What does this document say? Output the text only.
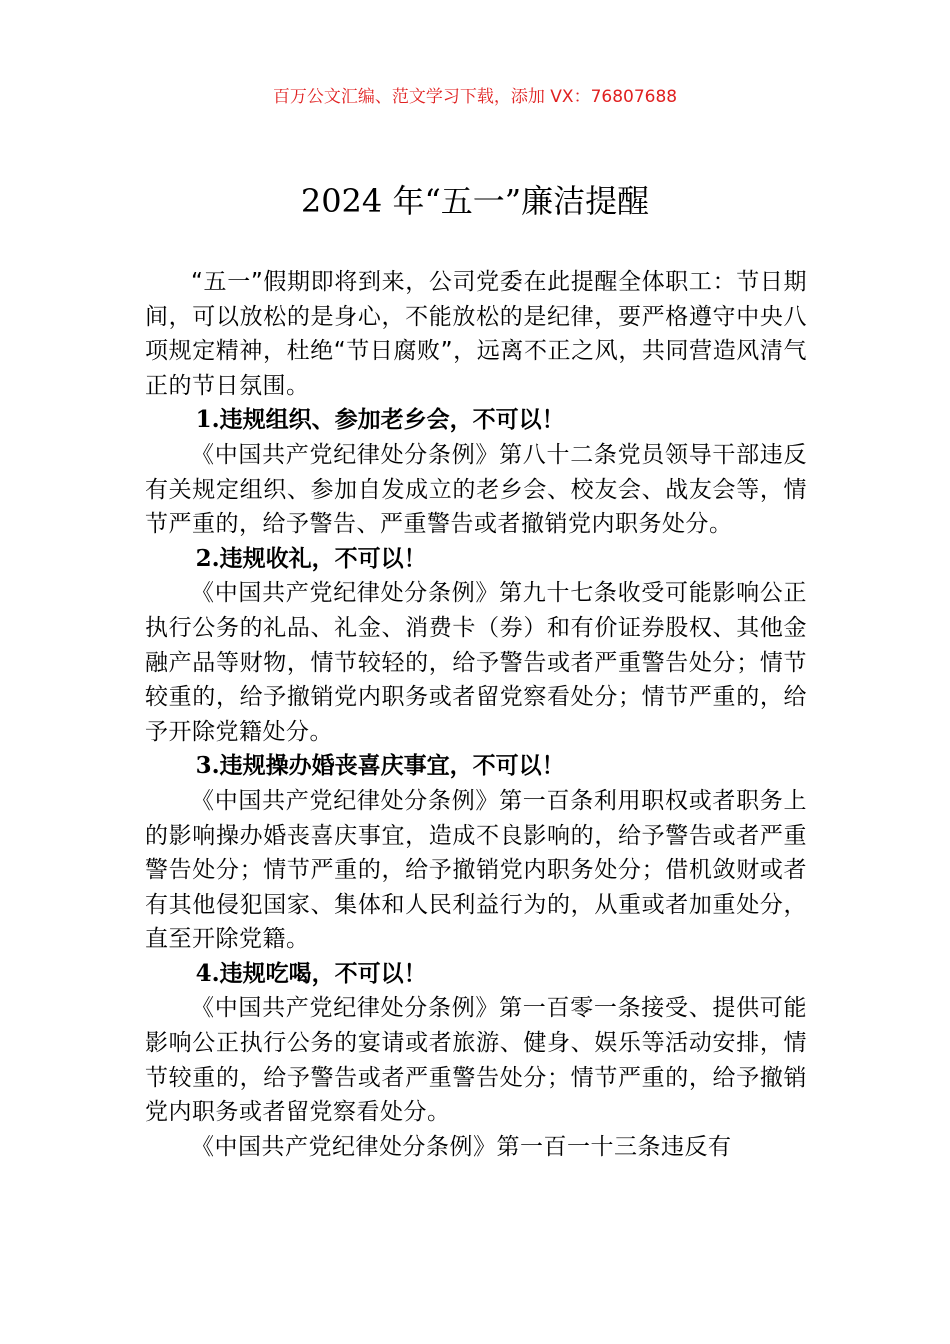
百万公文汇编、范文学习下载，添加 VX：76807688
2024 年“五一”廉洁提醒

“五一”假期即将到来，公司党委在此提醒全体职工：节日期间，可以放松的是身心，不能放松的是纪律，要严格遵守中央八项规定精神，杜绝“节日腐败”，远离不正之风，共同营造风清气正的节日氛围。

1.违规组织、参加老乡会，不可以！

《中国共产党纪律处分条例》第八十二条党员领导干部违反有关规定组织、参加自发成立的老乡会、校友会、战友会等，情节严重的，给予警告、严重警告或者撤销党内职务处分。

2.违规收礼，不可以！

《中国共产党纪律处分条例》第九十七条收受可能影响公正执行公务的礼品、礼金、消费卡（券）和有价证券股权、其他金融产品等财物，情节较轻的，给予警告或者严重警告处分；情节较重的，给予撤销党内职务或者留党察看处分；情节严重的，给予开除党籍处分。

3.违规操办婚丧喜庆事宜，不可以！

《中国共产党纪律处分条例》第一百条利用职权或者职务上的影响操办婚丧喜庆事宜，造成不良影响的，给予警告或者严重警告处分；情节严重的，给予撤销党内职务处分；借机敛财或者有其他侵犯国家、集体和人民利益行为的，从重或者加重处分，直至开除党籍。

4.违规吃喝，不可以！

《中国共产党纪律处分条例》第一百零一条接受、提供可能影响公正执行公务的宴请或者旅游、健身、娱乐等活动安排，情节较重的，给予警告或者严重警告处分；情节严重的，给予撤销党内职务或者留党察看处分。

《中国共产党纪律处分条例》第一百一十三条违反有
